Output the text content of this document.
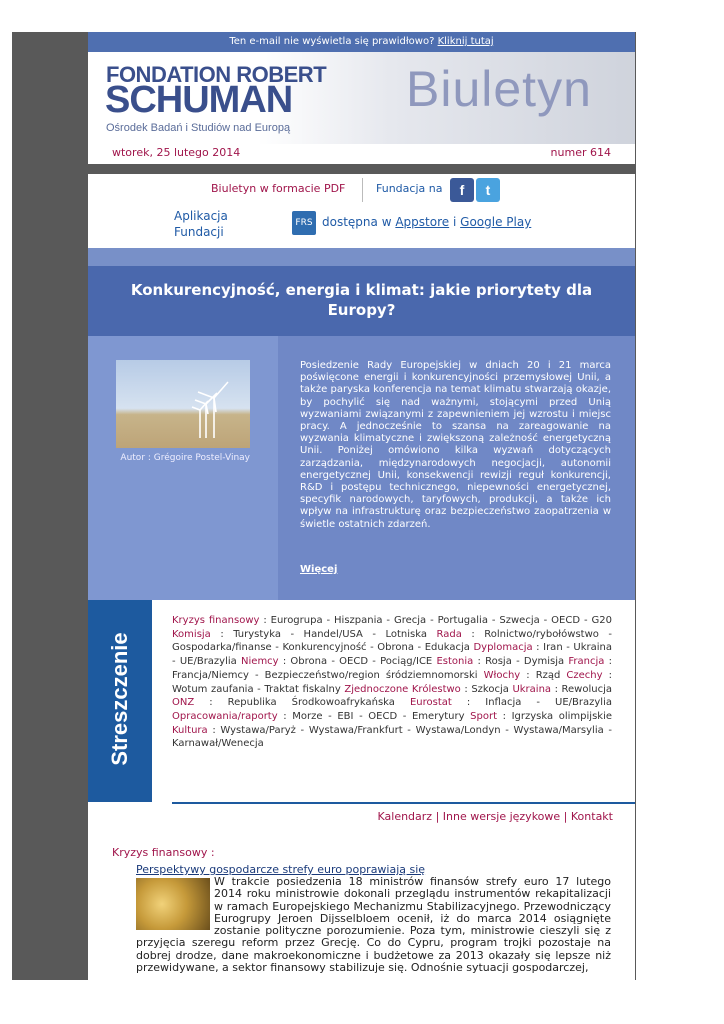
Ten e-mail nie wyświetla się prawidłowo? Kliknij tutaj
FONDATION ROBERT
SCHUMAN
Ośrodek Badań i Studiów nad Europą
Biuletyn
wtorek, 25 lutego 2014	numer 614
Biuletyn w formacie PDF	Fundacja na	f	t
Aplikacja Fundacji
FRS dostępna w Appstore i Google Play
Konkurencyjność, energia i klimat: jakie priorytety dla Europy?
Autor : Grégoire Postel-Vinay
Posiedzenie Rady Europejskiej w dniach 20 i 21 marca poświęcone energii i konkurencyjności przemysłowej Unii, a także paryska konferencja na temat klimatu stwarzają okazje, by pochylić się nad ważnymi, stojącymi przed Unią wyzwaniami związanymi z zapewnieniem jej wzrostu i miejsc pracy. A jednocześnie to szansa na zareagowanie na wyzwania klimatyczne i zwiększoną zależność energetyczną Unii. Poniżej omówiono kilka wyzwań dotyczących zarządzania, międzynarodowych negocjacji, autonomii energetycznej Unii, konsekwencji rewizji reguł konkurencji, R&D i postępu technicznego, niepewności energetycznej, specyfik narodowych, taryfowych, produkcji, a także ich wpływ na infrastrukturę oraz bezpieczeństwo zaopatrzenia w świetle ostatnich zdarzeń.
Więcej
Streszczenie
Kryzys finansowy : Eurogrupa - Hiszpania - Grecja - Portugalia - Szwecja - OECD - G20 Komisja : Turystyka - Handel/USA - Lotniska Rada : Rolnictwo/rybołówstwo - Gospodarka/finanse - Konkurencyjność - Obrona - Edukacja Dyplomacja : Iran - Ukraina - UE/Brazylia Niemcy : Obrona - OECD - Pociąg/ICE Estonia : Rosja - Dymisja Francja : Francja/Niemcy - Bezpieczeństwo/region śródziemnomorski Włochy : Rząd Czechy : Wotum zaufania - Traktat fiskalny Zjednoczone Królestwo : Szkocja Ukraina : Rewolucja ONZ : Republika Środkowoafrykańska Eurostat : Inflacja - UE/Brazylia Opracowania/raporty : Morze - EBI - OECD - Emerytury Sport : Igrzyska olimpijskie Kultura : Wystawa/Paryż - Wystawa/Frankfurt - Wystawa/Londyn - Wystawa/Marsylia - Karnawał/Wenecja
Kalendarz | Inne wersje językowe | Kontakt
Kryzys finansowy :
Perspektywy gospodarcze strefy euro poprawiają się
W trakcie posiedzenia 18 ministrów finansów strefy euro 17 lutego 2014 roku ministrowie dokonali przeglądu instrumentów rekapitalizacji w ramach Europejskiego Mechanizmu Stabilizacyjnego. Przewodniczący Eurogrupy Jeroen Dijsselbloem ocenił, iż do marca 2014 osiągnięte zostanie polityczne porozumienie. Poza tym, ministrowie cieszyli się z przyjęcia szeregu reform przez Grecję. Co do Cypru, program trojki pozostaje na dobrej drodze, dane makroekonomiczne i budżetowe za 2013 okazały się lepsze niż przewidywane, a sektor finansowy stabilizuje się. Odnośnie sytuacji gospodarczej,
